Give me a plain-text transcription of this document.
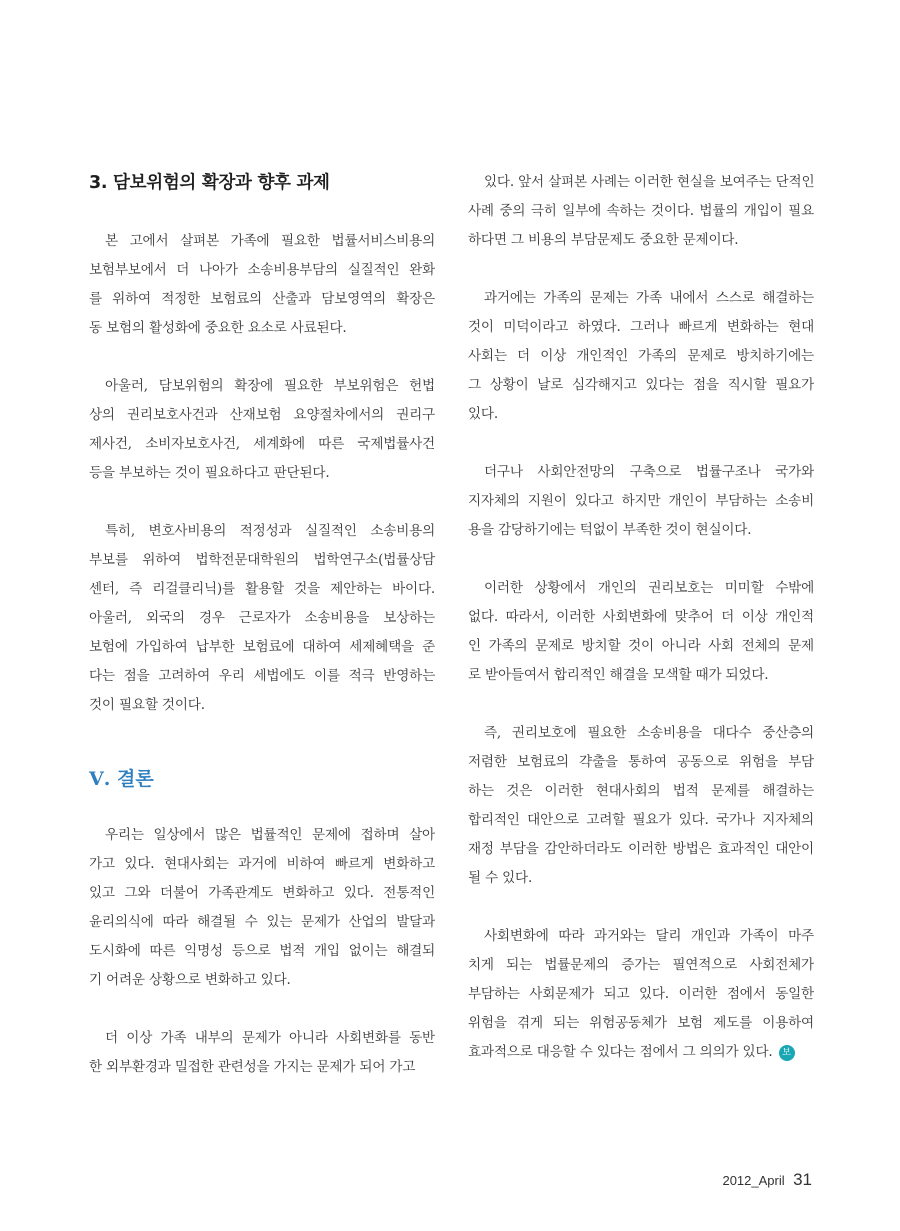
3. 담보위험의 확장과 향후 과제
본 고에서 살펴본 가족에 필요한 법률서비스비용의
보험부보에서 더 나아가 소송비용부담의 실질적인 완화
를 위하여 적정한 보험료의 산출과 담보영역의 확장은
동 보험의 활성화에 중요한 요소로 사료된다.
아울러, 담보위험의 확장에 필요한 부보위험은 헌법
상의 권리보호사건과 산재보험 요양절차에서의 권리구
제사건, 소비자보호사건, 세계화에 따른 국제법률사건
등을 부보하는 것이 필요하다고 판단된다.
특히, 변호사비용의 적정성과 실질적인 소송비용의
부보를 위하여 법학전문대학원의 법학연구소(법률상담
센터, 즉 리걸클리닉)를 활용할 것을 제안하는 바이다.
아울러, 외국의 경우 근로자가 소송비용을 보상하는
보험에 가입하여 납부한 보험료에 대하여 세제혜택을 준
다는 점을 고려하여 우리 세법에도 이를 적극 반영하는
것이 필요할 것이다.
Ⅴ. 결론
우리는 일상에서 많은 법률적인 문제에 접하며 살아
가고 있다. 현대사회는 과거에 비하여 빠르게 변화하고
있고 그와 더불어 가족관계도 변화하고 있다. 전통적인
윤리의식에 따라 해결될 수 있는 문제가 산업의 발달과
도시화에 따른 익명성 등으로 법적 개입 없이는 해결되
기 어려운 상황으로 변화하고 있다.
더 이상 가족 내부의 문제가 아니라 사회변화를 동반
한 외부환경과 밀접한 관련성을 가지는 문제가 되어 가고
있다. 앞서 살펴본 사례는 이러한 현실을 보여주는 단적인
사례 중의 극히 일부에 속하는 것이다. 법률의 개입이 필요
하다면 그 비용의 부담문제도 중요한 문제이다.
과거에는 가족의 문제는 가족 내에서 스스로 해결하는
것이 미덕이라고 하였다. 그러나 빠르게 변화하는 현대
사회는 더 이상 개인적인 가족의 문제로 방치하기에는
그 상황이 날로 심각해지고 있다는 점을 직시할 필요가
있다.
더구나 사회안전망의 구축으로 법률구조나 국가와
지자체의 지원이 있다고 하지만 개인이 부담하는 소송비
용을 감당하기에는 턱없이 부족한 것이 현실이다.
이러한 상황에서 개인의 권리보호는 미미할 수밖에
없다. 따라서, 이러한 사회변화에 맞추어 더 이상 개인적
인 가족의 문제로 방치할 것이 아니라 사회 전체의 문제
로 받아들여서 합리적인 해결을 모색할 때가 되었다.
즉, 권리보호에 필요한 소송비용을 대다수 중산층의
저렴한 보험료의 갹출을 통하여 공동으로 위험을 부담
하는 것은 이러한 현대사회의 법적 문제를 해결하는
합리적인 대안으로 고려할 필요가 있다. 국가나 지자체의
재정 부담을 감안하더라도 이러한 방법은 효과적인 대안이
될 수 있다.
사회변화에 따라 과거와는 달리 개인과 가족이 마주
치게 되는 법률문제의 증가는 필연적으로 사회전체가
부담하는 사회문제가 되고 있다. 이러한 점에서 동일한
위험을 겪게 되는 위험공동체가 보험 제도를 이용하여
효과적으로 대응할 수 있다는 점에서 그 의의가 있다. 보
2012_April 31
